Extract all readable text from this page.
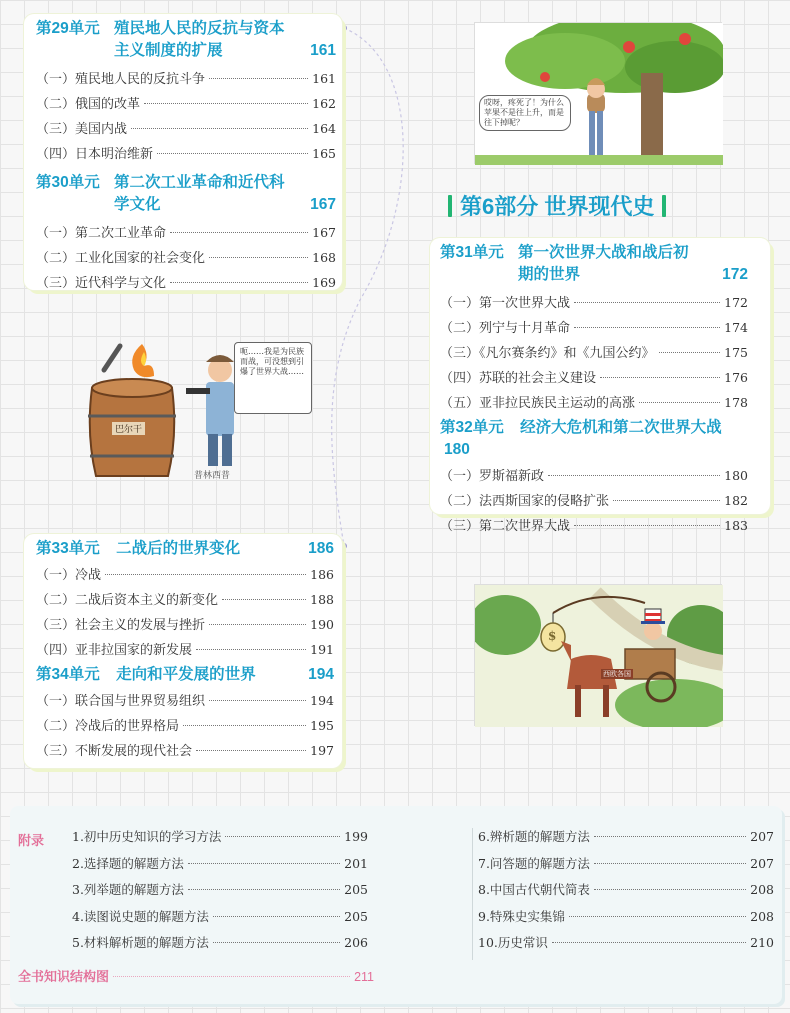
第29单元 殖民地人民的反抗与资本主义制度的扩展	161
（一）殖民地人民的反抗斗争	161
（二）俄国的改革	162
（三）美国内战	164
（四）日本明治维新	165
第30单元 第二次工业革命和近代科学文化	167
（一）第二次工业革命	167
（二）工业化国家的社会变化	168
（三）近代科学与文化	169
哎呀，疼死了！为什么苹果不是往上升，而是往下掉呢？
第6部分 世界现代史
第31单元 第一次世界大战和战后初期的世界	172
（一）第一次世界大战	172
（二）列宁与十月革命	174
（三）《凡尔赛条约》和《九国公约》	175
（四）苏联的社会主义建设	176
（五）亚非拉民族民主运动的高涨	178
第32单元 经济大危机和第二次世界大战 180
（一）罗斯福新政	180
（二）法西斯国家的侵略扩张	182
（三）第二次世界大战	183
巴尔干
普林西普
呃……我是为民族而战，可没想到引爆了世界大战……
第33单元 二战后的世界变化	186
（一）冷战	186
（二）二战后资本主义的新变化	188
（三）社会主义的发展与挫折	190
（四）亚非拉国家的新发展	191
第34单元 走向和平发展的世界	194
（一）联合国与世界贸易组织	194
（二）冷战后的世界格局	195
（三）不断发展的现代社会	197
$
西欧各国
附录 1.初中历史知识的学习方法	199
2.选择题的解题方法	201
3.列举题的解题方法	205
4.读图说史题的解题方法	205
5.材料解析题的解题方法	206
6.辨析题的解题方法	207
7.问答题的解题方法	207
8.中国古代朝代简表	208
9.特殊史实集锦	208
10.历史常识	210
全书知识结构图	211
